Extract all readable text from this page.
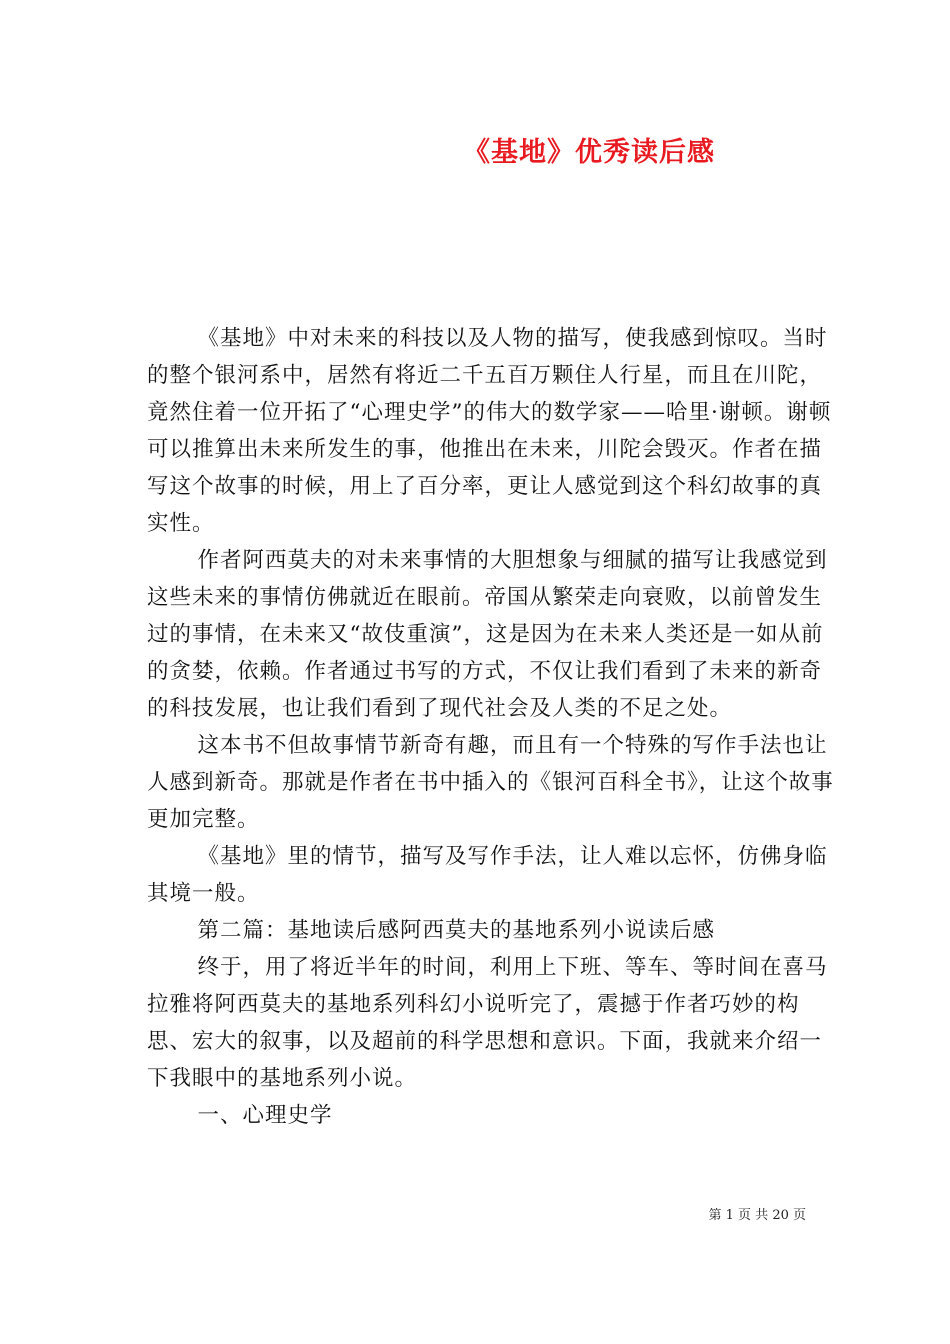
《基地》优秀读后感

《基地》中对未来的科技以及人物的描写，使我感到惊叹。当时的整个银河系中，居然有将近二千五百万颗住人行星，而且在川陀，竟然住着一位开拓了“心理史学”的伟大的数学家——哈里·谢顿。谢顿可以推算出未来所发生的事，他推出在未来，川陀会毁灭。作者在描写这个故事的时候，用上了百分率，更让人感觉到这个科幻故事的真实性。

作者阿西莫夫的对未来事情的大胆想象与细腻的描写让我感觉到这些未来的事情仿佛就近在眼前。帝国从繁荣走向衰败，以前曾发生过的事情，在未来又“故伎重演”，这是因为在未来人类还是一如从前的贪婪，依赖。作者通过书写的方式，不仅让我们看到了未来的新奇的科技发展，也让我们看到了现代社会及人类的不足之处。

这本书不但故事情节新奇有趣，而且有一个特殊的写作手法也让人感到新奇。那就是作者在书中插入的《银河百科全书》，让这个故事更加完整。

《基地》里的情节，描写及写作手法，让人难以忘怀，仿佛身临其境一般。

第二篇：基地读后感阿西莫夫的基地系列小说读后感

终于，用了将近半年的时间，利用上下班、等车、等时间在喜马拉雅将阿西莫夫的基地系列科幻小说听完了，震撼于作者巧妙的构思、宏大的叙事，以及超前的科学思想和意识。下面，我就来介绍一下我眼中的基地系列小说。

一、心理史学

第 1 页 共 20 页
